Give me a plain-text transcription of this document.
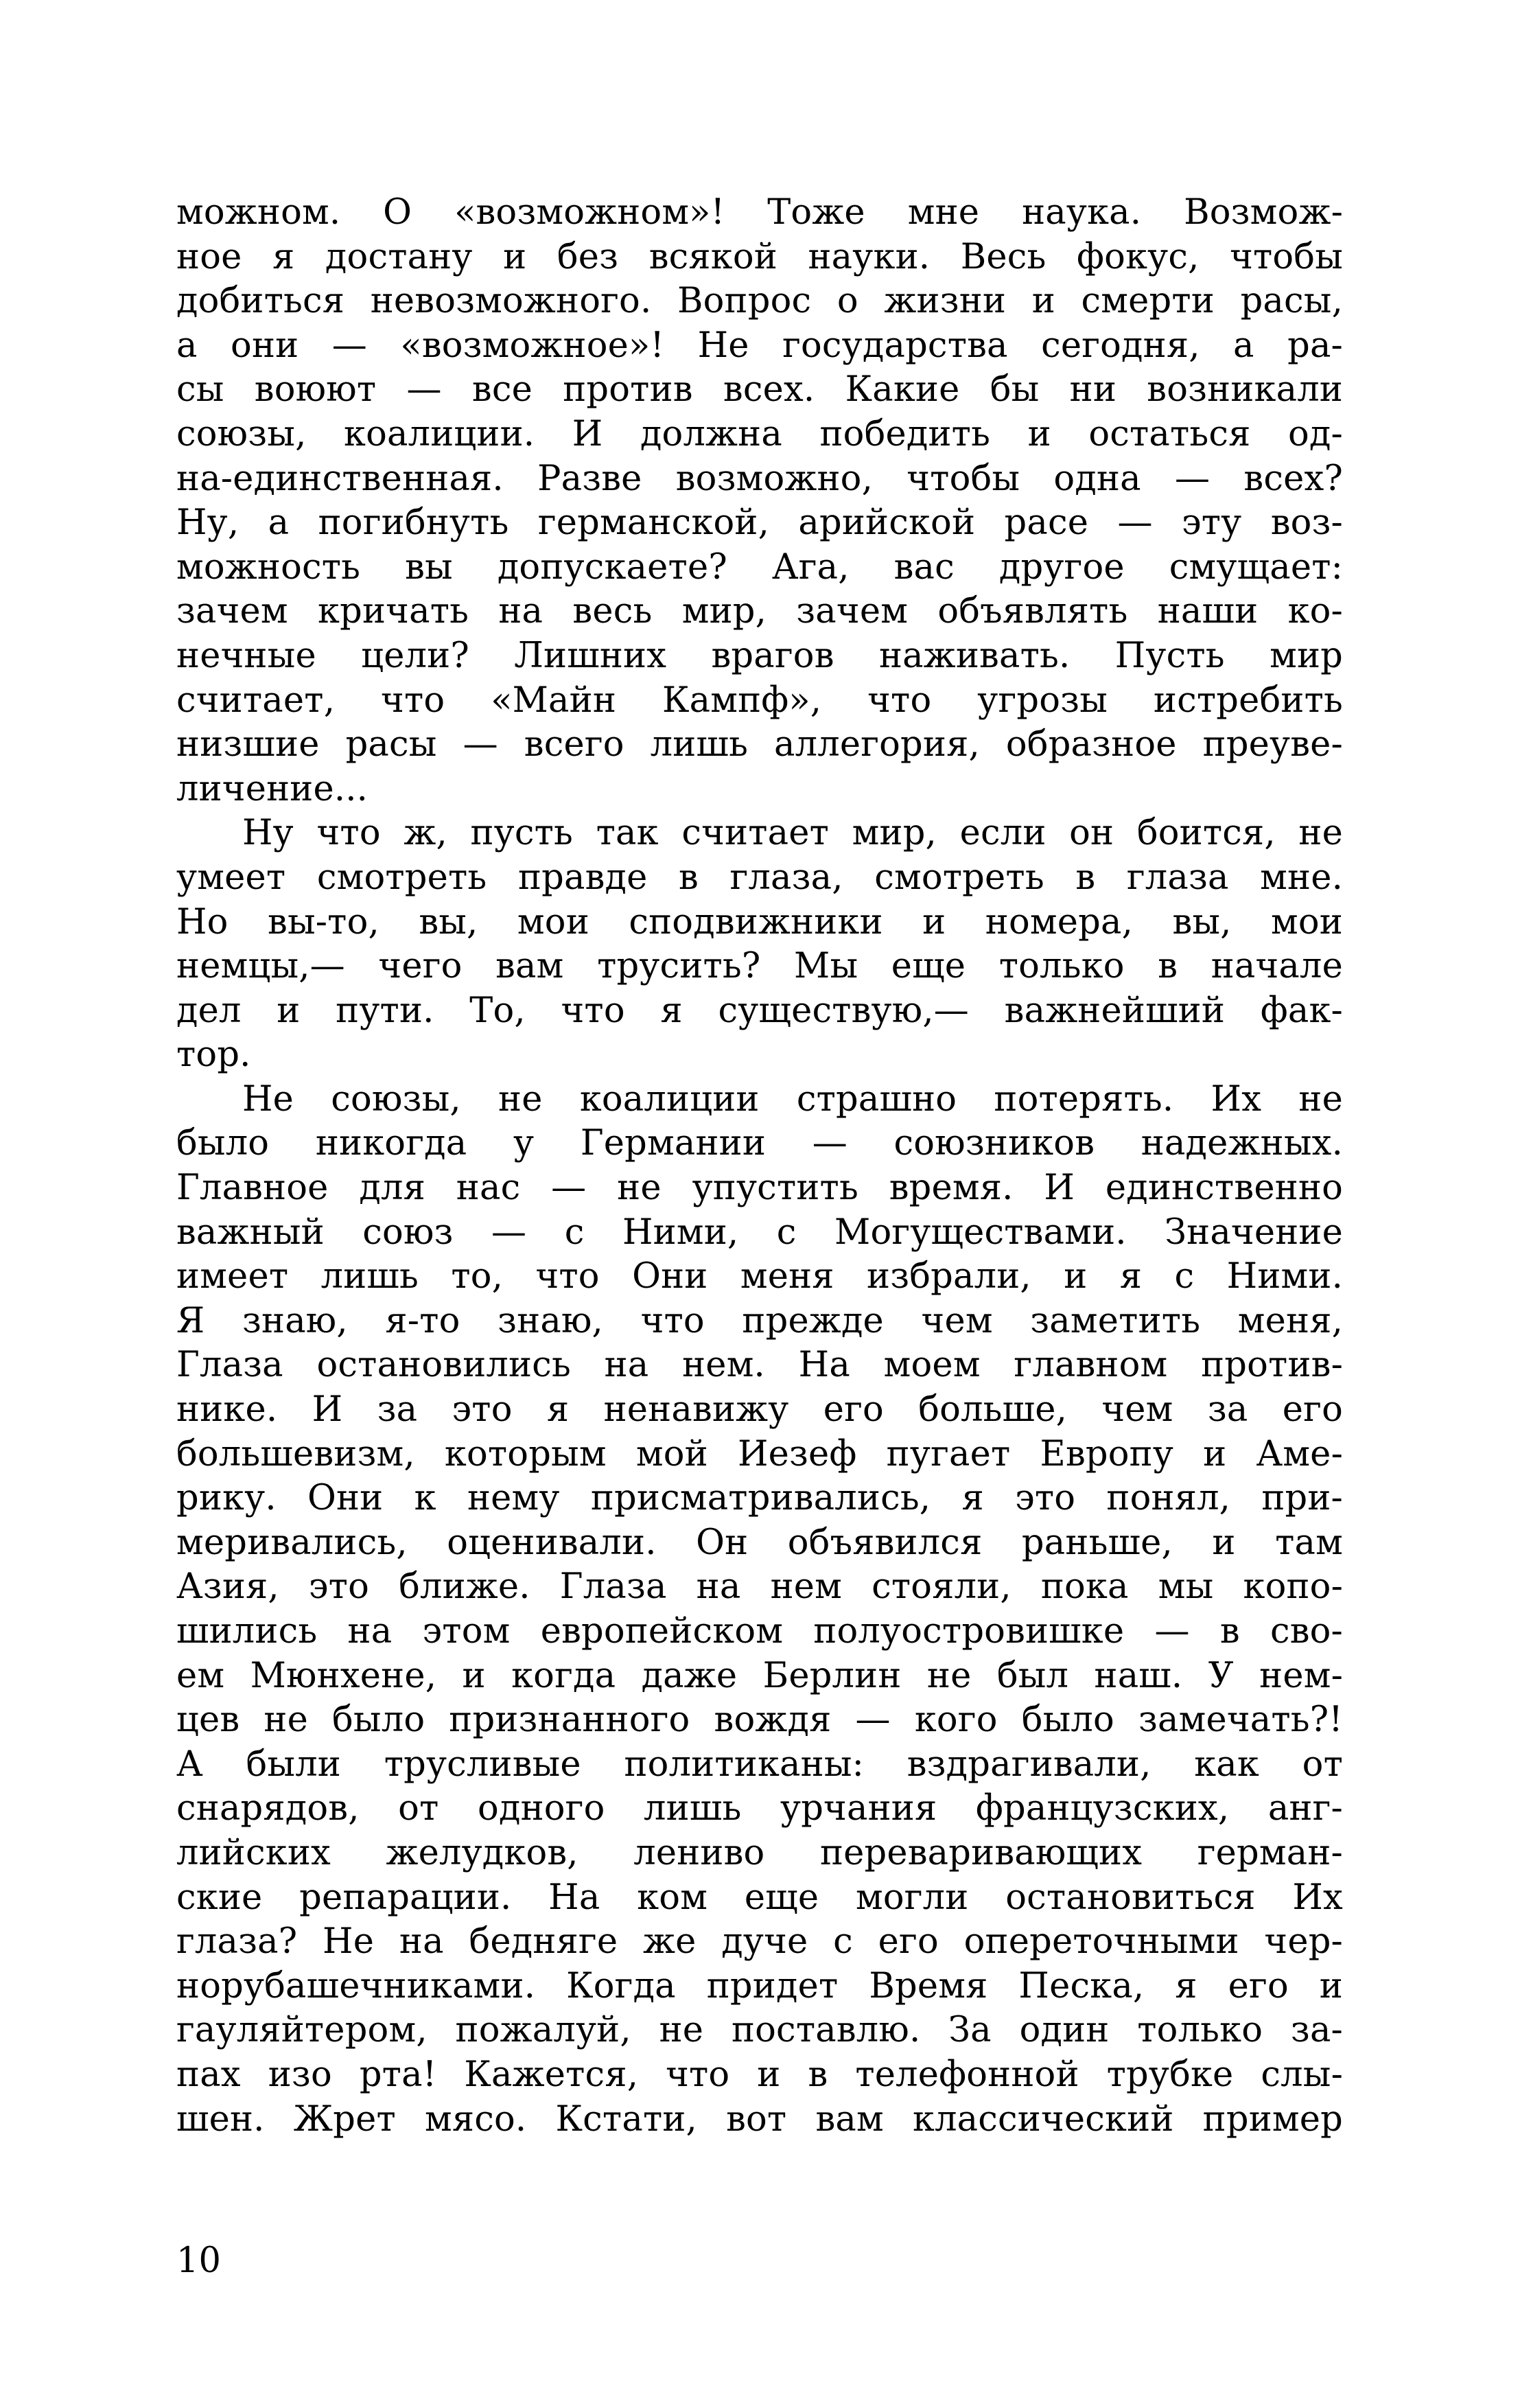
можном. О «возможном»! Тоже мне наука. Возмож-
ное я достану и без всякой науки. Весь фокус, чтобы
добиться невозможного. Вопрос о жизни и смерти расы,
а они — «возможное»! Не государства сегодня, а ра-
сы воюют — все против всех. Какие бы ни возникали
союзы, коалиции. И должна победить и остаться од-
на-единственная. Разве возможно, чтобы одна — всех?
Ну, а погибнуть германской, арийской расе — эту воз-
можность вы допускаете? Ага, вас другое смущает:
зачем кричать на весь мир, зачем объявлять наши ко-
нечные цели? Лишних врагов наживать. Пусть мир
считает, что «Майн Кампф», что угрозы истребить
низшие расы — всего лишь аллегория, образное преуве-
личение...
Ну что ж, пусть так считает мир, если он боится, не
умеет смотреть правде в глаза, смотреть в глаза мне.
Но вы-то, вы, мои сподвижники и номера, вы, мои
немцы,— чего вам трусить? Мы еще только в начале
дел и пути. То, что я существую,— важнейший фак-
тор.
Не союзы, не коалиции страшно потерять. Их не
было никогда у Германии — союзников надежных.
Главное для нас — не упустить время. И единственно
важный союз — с Ними, с Могуществами. Значение
имеет лишь то, что Они меня избрали, и я с Ними.
Я знаю, я-то знаю, что прежде чем заметить меня,
Глаза остановились на нем. На моем главном против-
нике. И за это я ненавижу его больше, чем за его
большевизм, которым мой Иезеф пугает Европу и Аме-
рику. Они к нему присматривались, я это понял, при-
меривались, оценивали. Он объявился раньше, и там
Азия, это ближе. Глаза на нем стояли, пока мы копо-
шились на этом европейском полуостровишке — в сво-
ем Мюнхене, и когда даже Берлин не был наш. У нем-
цев не было признанного вождя — кого было замечать?!
А были трусливые политиканы: вздрагивали, как от
снарядов, от одного лишь урчания французских, анг-
лийских желудков, лениво переваривающих герман-
ские репарации. На ком еще могли остановиться Их
глаза? Не на бедняге же дуче с его опереточными чер-
норубашечниками. Когда придет Время Песка, я его и
гауляйтером, пожалуй, не поставлю. За один только за-
пах изо рта! Кажется, что и в телефонной трубке слы-
шен. Жрет мясо. Кстати, вот вам классический пример
10
